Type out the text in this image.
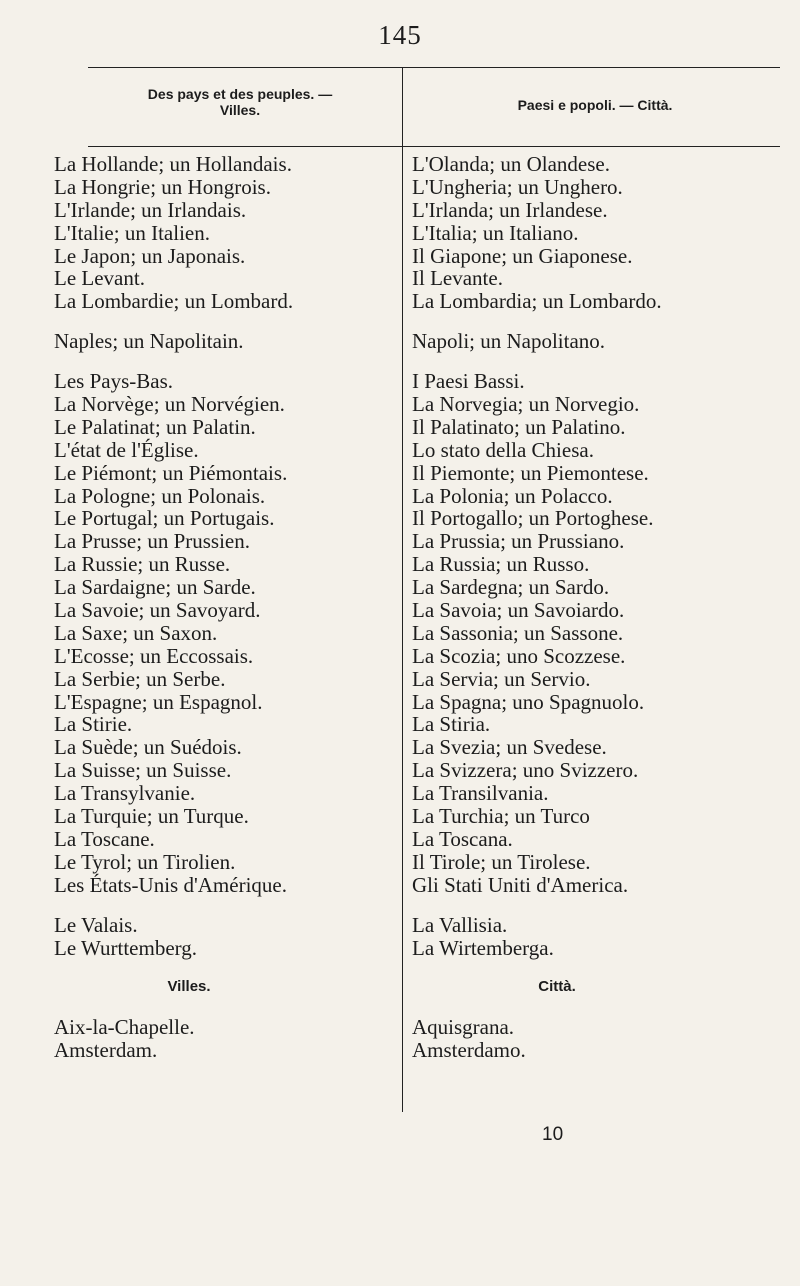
145
Des pays et des peuples. —
Villes.	Paesi e popoli. — Città.
La Hollande; un Hollandais.
La Hongrie; un Hongrois.
L'Irlande; un Irlandais.
L'Italie; un Italien.
Le Japon; un Japonais.
Le Levant.
La Lombardie; un Lombard.
Naples; un Napolitain.
Les Pays-Bas.
La Norvège; un Norvégien.
Le Palatinat; un Palatin.
L'état de l'Église.
Le Piémont; un Piémontais.
La Pologne; un Polonais.
Le Portugal; un Portugais.
La Prusse; un Prussien.
La Russie; un Russe.
La Sardaigne; un Sarde.
La Savoie; un Savoyard.
La Saxe; un Saxon.
L'Ecosse; un Eccossais.
La Serbie; un Serbe.
L'Espagne; un Espagnol.
La Stirie.
La Suède; un Suédois.
La Suisse; un Suisse.
La Transylvanie.
La Turquie; un Turque.
La Toscane.
Le Tyrol; un Tirolien.
Les États-Unis d'Amérique.
Le Valais.
Le Wurttemberg.
Villes.
Aix-la-Chapelle.
Amsterdam.
L'Olanda; un Olandese.
L'Ungheria; un Unghero.
L'Irlanda; un Irlandese.
L'Italia; un Italiano.
Il Giapone; un Giaponese.
Il Levante.
La Lombardia; un Lombardo.
Napoli; un Napolitano.
I Paesi Bassi.
La Norvegia; un Norvegio.
Il Palatinato; un Palatino.
Lo stato della Chiesa.
Il Piemonte; un Piemontese.
La Polonia; un Polacco.
Il Portogallo; un Portoghese.
La Prussia; un Prussiano.
La Russia; un Russo.
La Sardegna; un Sardo.
La Savoia; un Savoiardo.
La Sassonia; un Sassone.
La Scozia; uno Scozzese.
La Servia; un Servio.
La Spagna; uno Spagnuolo.
La Stiria.
La Svezia; un Svedese.
La Svizzera; uno Svizzero.
La Transilvania.
La Turchia; un Turco
La Toscana.
Il Tirole; un Tirolese.
Gli Stati Uniti d'America.
La Vallisia.
La Wirtemberga.
Città.
Aquisgrana.
Amsterdamo.
10
